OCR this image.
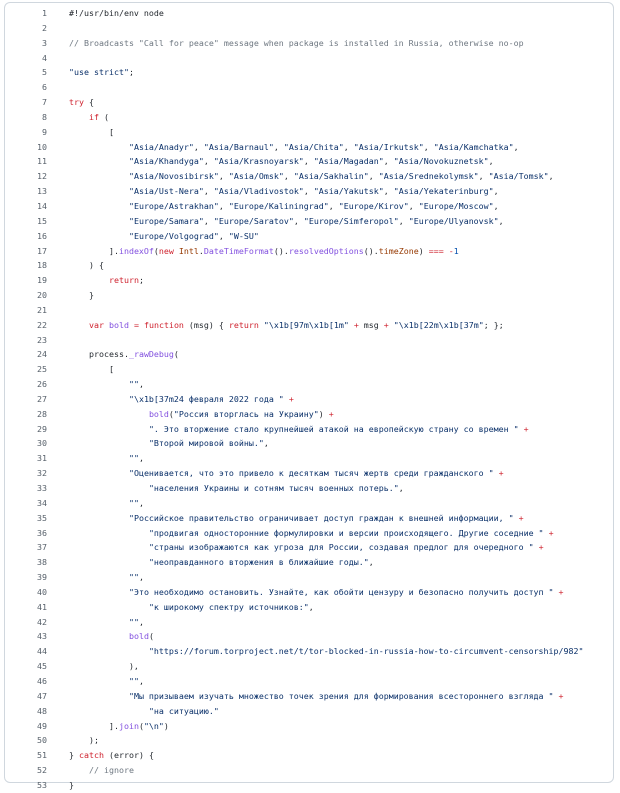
1	#!/usr/bin/env node
2
3	// Broadcasts "Call for peace" message when package is installed in Russia, otherwise no-op
4
5	"use strict";
6
7	try {
8	if (
9	[
10	"Asia/Anadyr", "Asia/Barnaul", "Asia/Chita", "Asia/Irkutsk", "Asia/Kamchatka",
11	"Asia/Khandyga", "Asia/Krasnoyarsk", "Asia/Magadan", "Asia/Novokuznetsk",
12	"Asia/Novosibirsk", "Asia/Omsk", "Asia/Sakhalin", "Asia/Srednekolymsk", "Asia/Tomsk",
13	"Asia/Ust-Nera", "Asia/Vladivostok", "Asia/Yakutsk", "Asia/Yekaterinburg",
14	"Europe/Astrakhan", "Europe/Kaliningrad", "Europe/Kirov", "Europe/Moscow",
15	"Europe/Samara", "Europe/Saratov", "Europe/Simferopol", "Europe/Ulyanovsk",
16	"Europe/Volgograd", "W-SU"
17	].indexOf(new Intl.DateTimeFormat().resolvedOptions().timeZone) === -1
18	) {
19	return;
20	}
21
22	var bold = function (msg) { return "\x1b[97m\x1b[1m" + msg + "\x1b[22m\x1b[37m"; };
23
24	process._rawDebug(
25	[
26	"",
27	"\x1b[37m24 февраля 2022 года " +
28	bold("Россия вторглась на Украину") +
29	". Это вторжение стало крупнейшей атакой на европейскую страну со времен " +
30	"Второй мировой войны.",
31	"",
32	"Оценивается, что это привело к десяткам тысяч жертв среди гражданского " +
33	"населения Украины и сотням тысяч военных потерь.",
34	"",
35	"Российское правительство ограничивает доступ граждан к внешней информации, " +
36	"продвигая односторонние формулировки и версии происходящего. Другие соседние " +
37	"страны изображаются как угроза для России, создавая предлог для очередного " +
38	"неоправданного вторжения в ближайшие годы.",
39	"",
40	"Это необходимо остановить. Узнайте, как обойти цензуру и безопасно получить доступ " +
41	"к широкому спектру источников:",
42	"",
43	bold(
44	"https://forum.torproject.net/t/tor-blocked-in-russia-how-to-circumvent-censorship/982"
45	),
46	"",
47	"Мы призываем изучать множество точек зрения для формирования всестороннего взгляда " +
48	"на ситуацию."
49	].join("\n")
50	);
51	} catch (error) {
52	// ignore
53	}
